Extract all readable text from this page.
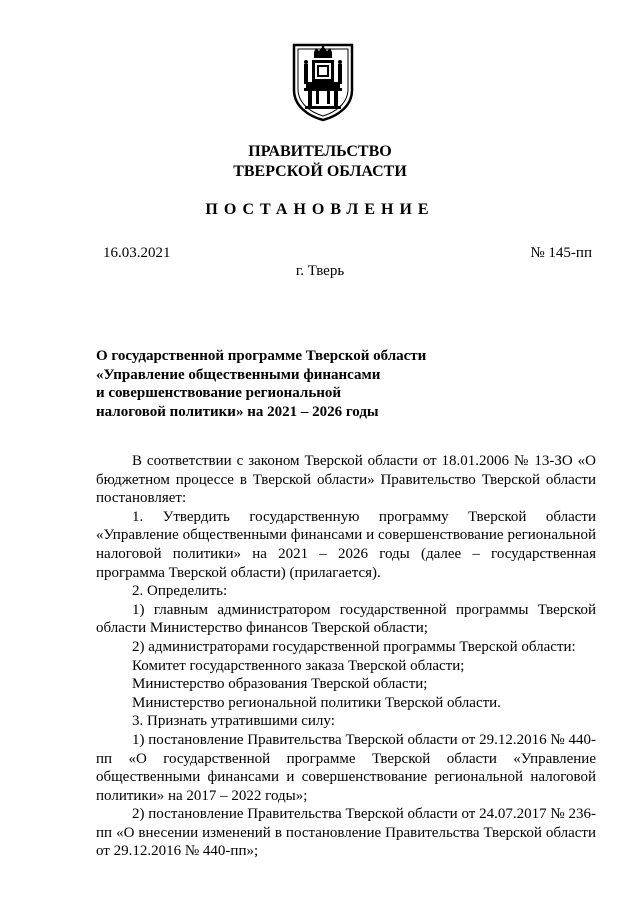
ПРАВИТЕЛЬСТВО
ТВЕРСКОЙ ОБЛАСТИ
ПОСТАНОВЛЕНИЕ
16.03.2021	№ 145-пп
г. Тверь
О государственной программе Тверской области
«Управление общественными финансами
и совершенствование региональной
налоговой политики» на 2021 – 2026 годы

В соответствии с законом Тверской области от 18.01.2006 № 13-ЗО «О бюджетном процессе в Тверской области» Правительство Тверской области постановляет:

1. Утвердить государственную программу Тверской области «Управление общественными финансами и совершенствование региональной налоговой политики» на 2021 – 2026 годы (далее – государственная программа Тверской области) (прилагается).

2. Определить:

1) главным администратором государственной программы Тверской области Министерство финансов Тверской области;

2) администраторами государственной программы Тверской области:

Комитет государственного заказа Тверской области;

Министерство образования Тверской области;

Министерство региональной политики Тверской области.

3. Признать утратившими силу:

1) постановление Правительства Тверской области от 29.12.2016 № 440-пп «О государственной программе Тверской области «Управление общественными финансами и совершенствование региональной налоговой политики» на 2017 – 2022 годы»;

2) постановление Правительства Тверской области от 24.07.2017 № 236-пп «О внесении изменений в постановление Правительства Тверской области от 29.12.2016 № 440-пп»;
